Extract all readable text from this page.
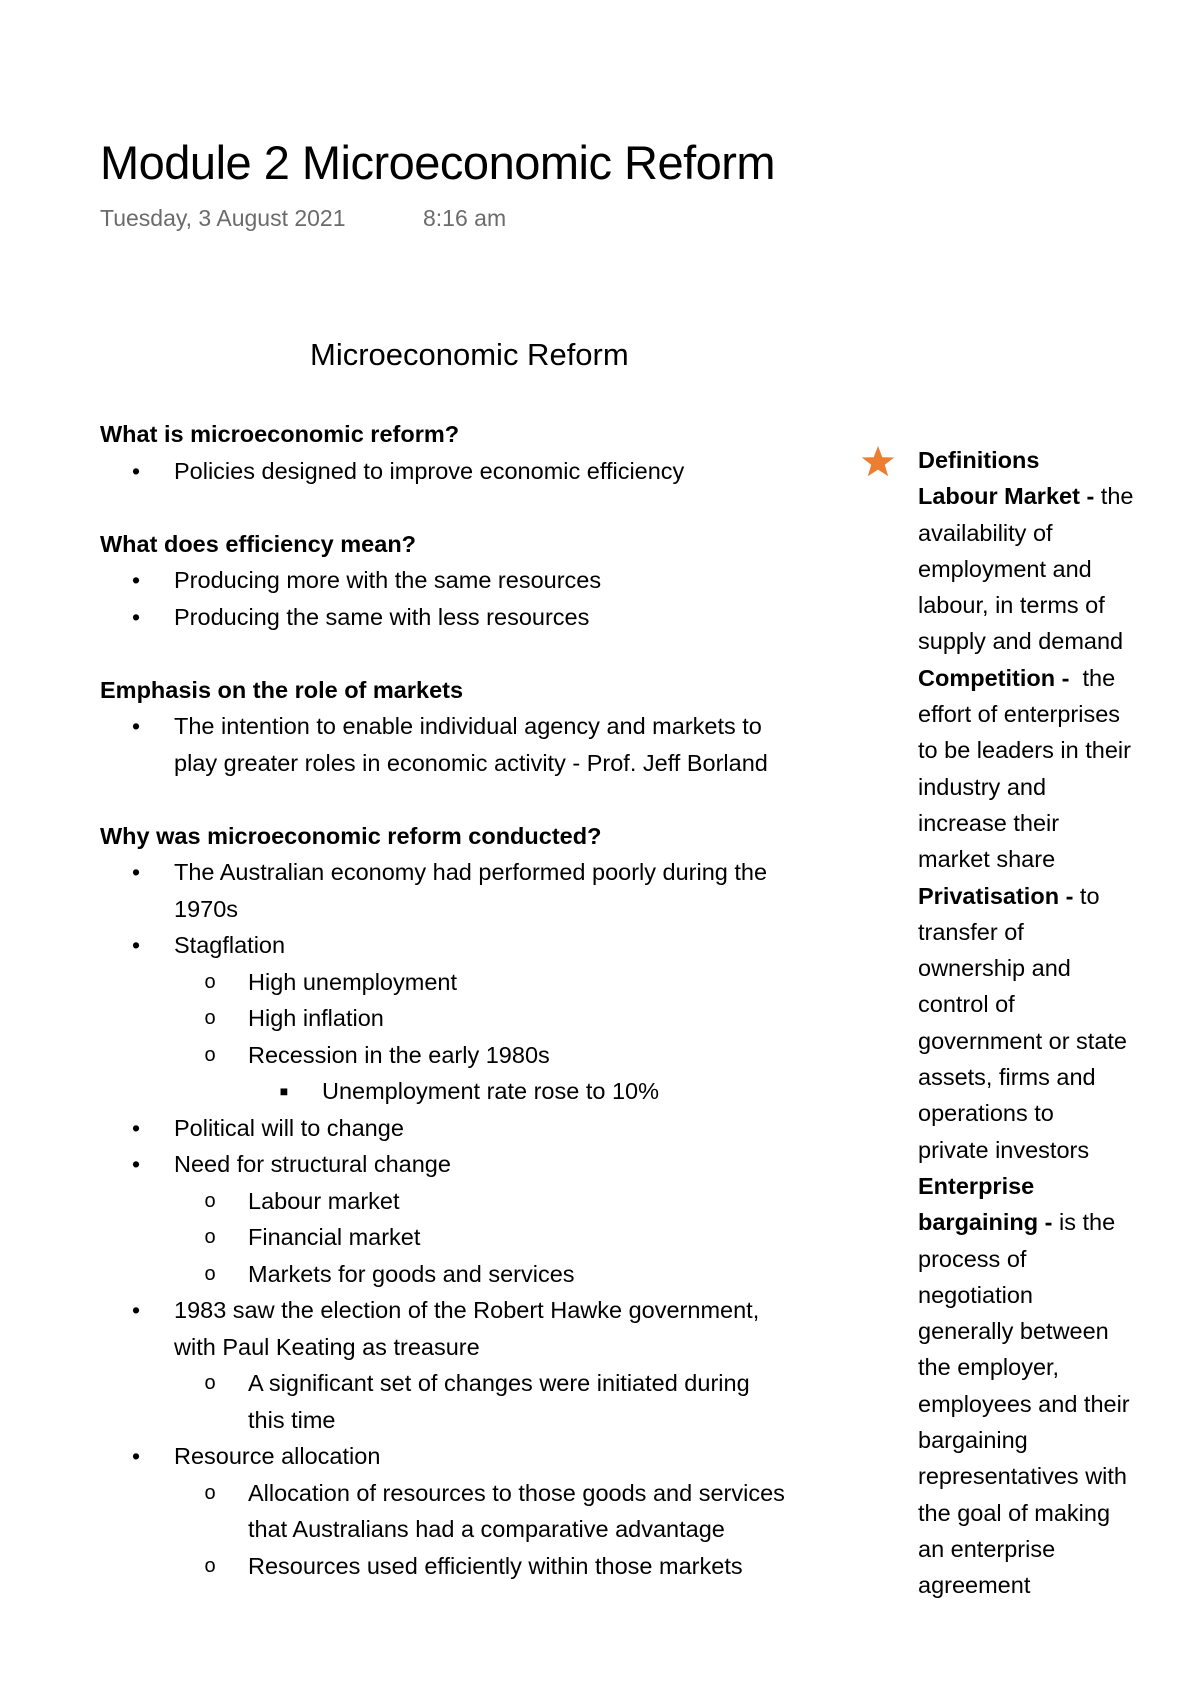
Module 2 Microeconomic Reform
Tuesday, 3 August 2021	8:16 am
Microeconomic Reform
What is microeconomic reform?
•	Policies designed to improve economic efficiency
What does efficiency mean?
•	Producing more with the same resources
•	Producing the same with less resources
Emphasis on the role of markets
•	The intention to enable individual agency and markets to
play greater roles in economic activity - Prof. Jeff Borland
Why was microeconomic reform conducted?
•	The Australian economy had performed poorly during the
1970s
•	Stagflation
o High unemployment
o High inflation
o Recession in the early 1980s
■	Unemployment rate rose to 10%
•	Political will to change
•	Need for structural change
o Labour market
o Financial market
o Markets for goods and services
•	1983 saw the election of the Robert Hawke government,
with Paul Keating as treasure
o A significant set of changes were initiated during
this time
•	Resource allocation
o Allocation of resources to those goods and services
that Australians had a comparative advantage
o Resources used efficiently within those markets
Definitions
Labour Market - the
availability of
employment and
labour, in terms of
supply and demand
Competition -  the
effort of enterprises
to be leaders in their
industry and
increase their
market share
Privatisation - to
transfer of
ownership and
control of
government or state
assets, firms and
operations to
private investors
Enterprise
bargaining - is the
process of
negotiation
generally between
the employer,
employees and their
bargaining
representatives with
the goal of making
an enterprise
agreement
